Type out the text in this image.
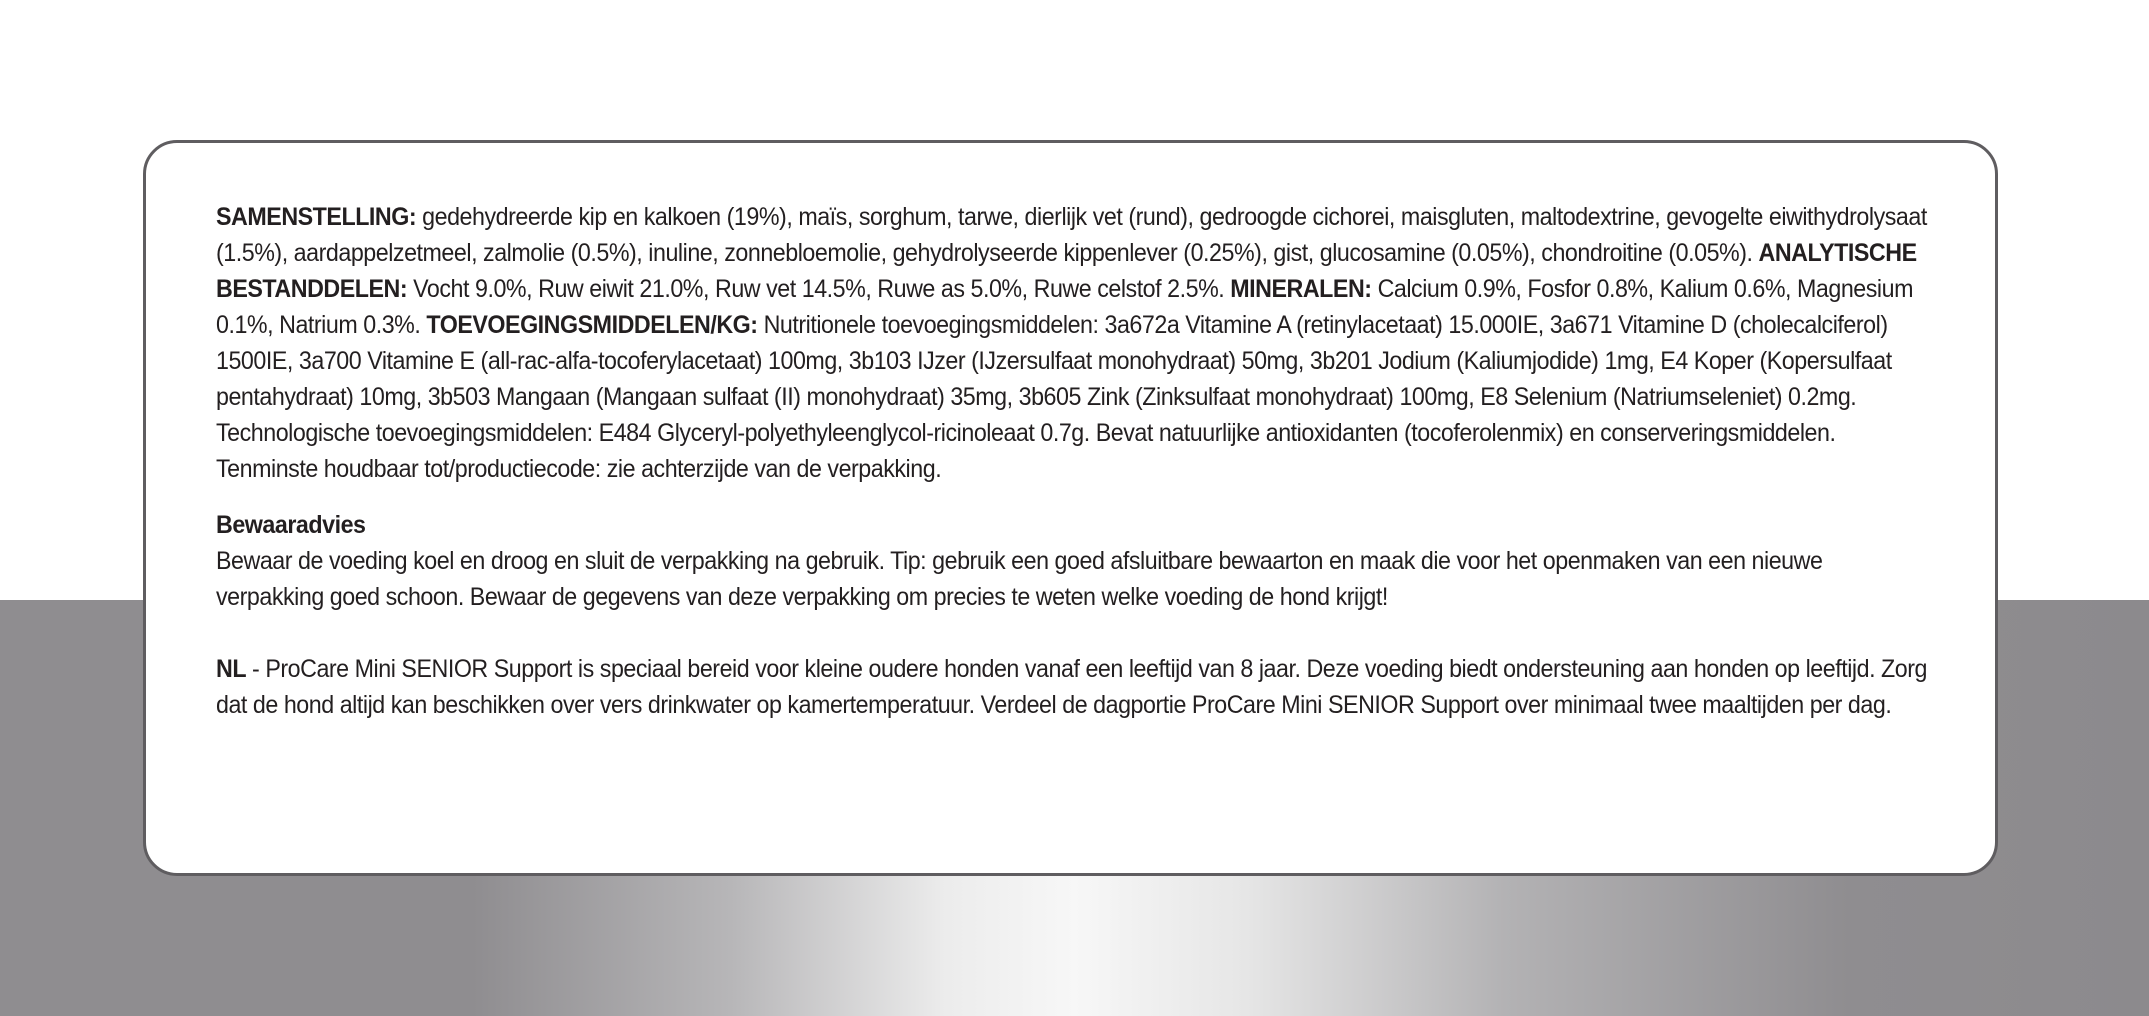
SAMENSTELLING: gedehydreerde kip en kalkoen (19%), maïs, sorghum, tarwe, dierlijk vet (rund), gedroogde cichorei, maisgluten, maltodextrine, gevogelte eiwithydrolysaat (1.5%), aardappelzetmeel, zalmolie (0.5%), inuline, zonnebloemolie, gehydrolyseerde kippenlever (0.25%), gist, glucosamine (0.05%), chondroitine (0.05%). ANALYTISCHE BESTANDDELEN: Vocht 9.0%, Ruw eiwit 21.0%, Ruw vet 14.5%, Ruwe as 5.0%, Ruwe celstof 2.5%. MINERALEN: Calcium 0.9%, Fosfor 0.8%, Kalium 0.6%, Magnesium 0.1%, Natrium 0.3%. TOEVOEGINGSMIDDELEN/KG: Nutritionele toevoegingsmiddelen: 3a672a Vitamine A (retinylacetaat) 15.000IE, 3a671 Vitamine D (cholecalciferol) 1500IE, 3a700 Vitamine E (all-rac-alfa-tocoferylacetaat) 100mg, 3b103 IJzer (IJzersulfaat monohydraat) 50mg, 3b201 Jodium (Kaliumjodide) 1mg, E4 Koper (Kopersulfaat pentahydraat) 10mg, 3b503 Mangaan (Mangaan sulfaat (II) monohydraat) 35mg, 3b605 Zink (Zinksulfaat monohydraat) 100mg, E8 Selenium (Natriumseleniet) 0.2mg. Technologische toevoegingsmiddelen: E484 Glyceryl-polyethyleenglycol-ricinoleaat 0.7g. Bevat natuurlijke antioxidanten (tocoferolenmix) en conserveringsmiddelen. Tenminste houdbaar tot/productiecode: zie achterzijde van de verpakking.

Bewaaradvies

Bewaar de voeding koel en droog en sluit de verpakking na gebruik. Tip: gebruik een goed afsluitbare bewaarton en maak die voor het openmaken van een nieuwe verpakking goed schoon. Bewaar de gegevens van deze verpakking om precies te weten welke voeding de hond krijgt!

NL - ProCare Mini SENIOR Support is speciaal bereid voor kleine oudere honden vanaf een leeftijd van 8 jaar. Deze voeding biedt ondersteuning aan honden op leeftijd. Zorg dat de hond altijd kan beschikken over vers drinkwater op kamertemperatuur. Verdeel de dagportie ProCare Mini SENIOR Support over minimaal twee maaltijden per dag.
